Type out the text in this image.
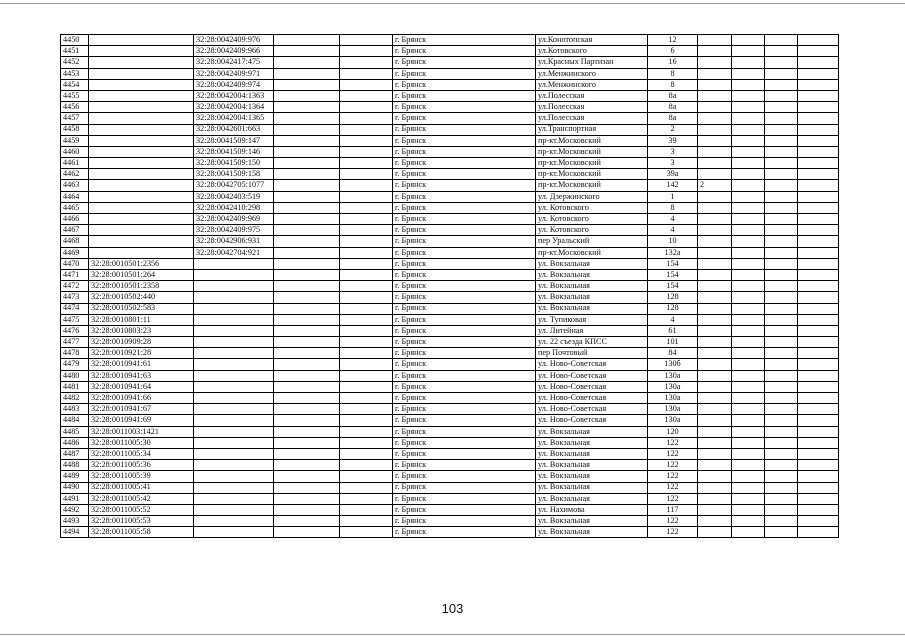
4450		32:28:0042409:976			г. Брянск	ул.Конотопская	12				
4451		32:28:0042409:966			г. Брянск	ул.Котовского	6				
4452		32:28:0042417:475			г. Брянск	ул.Красных Партизан	16				
4453		32:28:0042409:971			г. Брянск	ул.Менжинского	8				
4454		32:28:0042409:974			г. Брянск	ул.Менжинского	8				
4455		32:28:0042004:1363			г. Брянск	ул.Полесская	8а				
4456		32:28:0042004:1364			г. Брянск	ул.Полесская	8а				
4457		32:28:0042004:1365			г. Брянск	ул.Полесская	8а				
4458		32:28:0042601:663			г. Брянск	ул.Транспортная	2				
4459		32:28:0041509:147			г. Брянск	пр-кт.Московский	39				
4460		32:28:0041509:146			г. Брянск	пр-кт.Московский	3				
4461		32:28:0041509:150			г. Брянск	пр-кт.Московский	3				
4462		32:28:0041509:158			г. Брянск	пр-кт.Московский	39а				
4463		32:28:0042705:1077			г. Брянск	пр-кт.Московский	142	2			
4464		32:28:0042403:519			г. Брянск	ул. Дзержинского	1				
4465		32:28:0042410:298			г. Брянск	ул. Котовского	8				
4466		32:28:0042409:969			г. Брянск	ул. Котовского	4				
4467		32:28:0042409:975			г. Брянск	ул. Котовского	4				
4468		32:28:0042906:931			г. Брянск	пер Уральский	10				
4469		32:28:0042704:921			г. Брянск	пр-кт.Московский	132а				
4470	32:28:0010501:2356				г. Брянск	ул. Вокзальная	154				
4471	32:28:0010501:264				г. Брянск	ул. Вокзальная	154				
4472	32:28:0010501:2358				г. Брянск	ул. Вокзальная	154				
4473	32:28:0010502:440				г. Брянск	ул. Вокзальная	128				
4474	32:28:0010502:583				г. Брянск	ул. Вокзальная	128				
4475	32:28:0010801:11				г. Брянск	ул. Тупиковая	4				
4476	32:28:0010803:23				г. Брянск	ул. Литейная	61				
4477	32:28:0010909:28				г. Брянск	ул. 22 съезда КПСС	101				
4478	32:28:0010921:28				г. Брянск	пер Почтовый	84				
4479	32:28:0010941:61				г. Брянск	ул. Ново-Советская	130б				
4480	32:28:0010941:63				г. Брянск	ул. Ново-Советская	130а				
4481	32:28:0010941:64				г. Брянск	ул. Ново-Советская	130а				
4482	32:28:0010941:66				г. Брянск	ул. Ново-Советская	130а				
4483	32:28:0010941:67				г. Брянск	ул. Ново-Советская	130а				
4484	32:28:0010941:69				г. Брянск	ул. Ново-Советская	130а				
4485	32:28:0011003:1421				г. Брянск	ул. Вокзальная	120				
4486	32:28:0011005:30				г. Брянск	ул. Вокзальная	122				
4487	32:28:0011005:34				г. Брянск	ул. Вокзальная	122				
4488	32:28:0011005:36				г. Брянск	ул. Вокзальная	122				
4489	32:28:0011005:39				г. Брянск	ул. Вокзальная	122				
4490	32:28:0011005:41				г. Брянск	ул. Вокзальная	122				
4491	32:28:0011005:42				г. Брянск	ул. Вокзальная	122				
4492	32:28:0011005:52				г. Брянск	ул. Нахимова	117				
4493	32:28:0011005:53				г. Брянск	ул. Вокзальная	122				
4494	32:28:0011005:58				г. Брянск	ул. Вокзальная	122				
103
